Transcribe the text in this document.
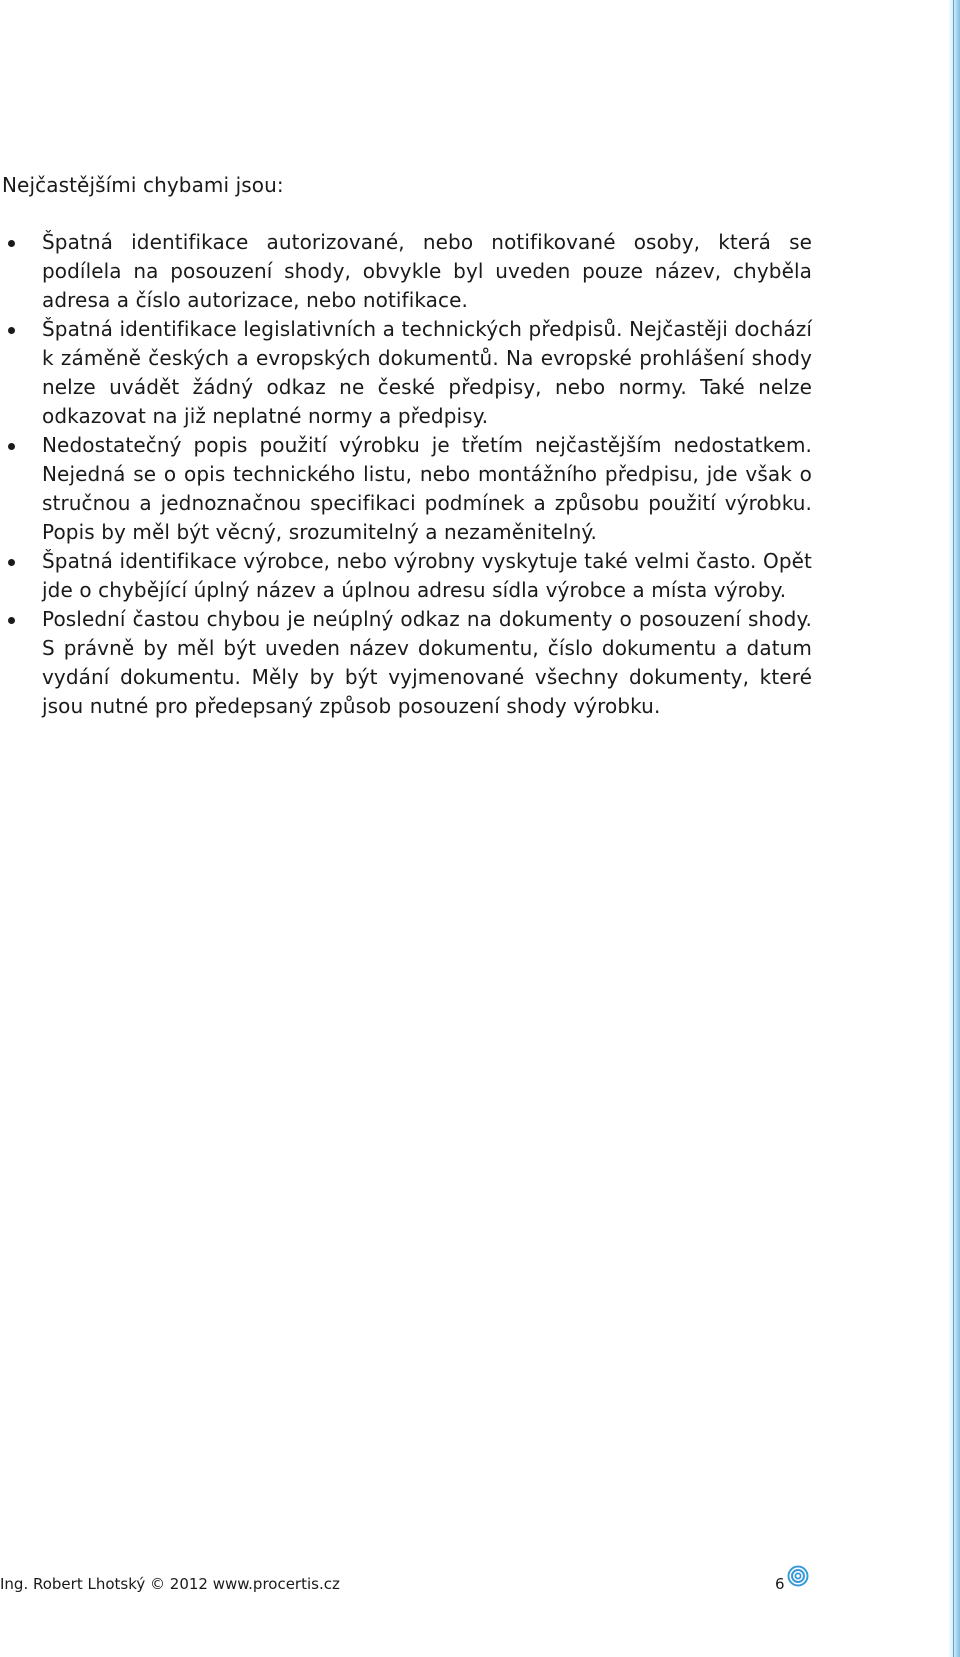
Nejčastějšími chybami jsou:

Špatná identifikace autorizované, nebo notifikované osoby, která se podílela na posouzení shody, obvykle byl uveden pouze název, chyběla adresa a číslo autorizace, nebo notifikace.
Špatná identifikace legislativních a technických předpisů. Nejčastěji dochází k záměně českých a evropských dokumentů. Na evropské prohlášení shody nelze uvádět žádný odkaz ne české předpisy, nebo normy. Také nelze odkazovat na již neplatné normy a předpisy.
Nedostatečný popis použití výrobku je třetím nejčastějším nedostatkem. Nejedná se o opis technického listu, nebo montážního předpisu, jde však o stručnou a jednoznačnou specifikaci podmínek a způsobu použití výrobku. Popis by měl být věcný, srozumitelný a nezaměnitelný.
Špatná identifikace výrobce, nebo výrobny vyskytuje také velmi často. Opět jde o chybějící úplný název a úplnou adresu sídla výrobce a místa výroby.
Poslední častou chybou je neúplný odkaz na dokumenty o posouzení shody. S právně by měl být uveden název dokumentu, číslo dokumentu a datum vydání dokumentu. Měly by být vyjmenované všechny dokumenty, které jsou nutné pro předepsaný způsob posouzení shody výrobku.
Ing. Robert Lhotský © 2012 www.procertis.cz	6
